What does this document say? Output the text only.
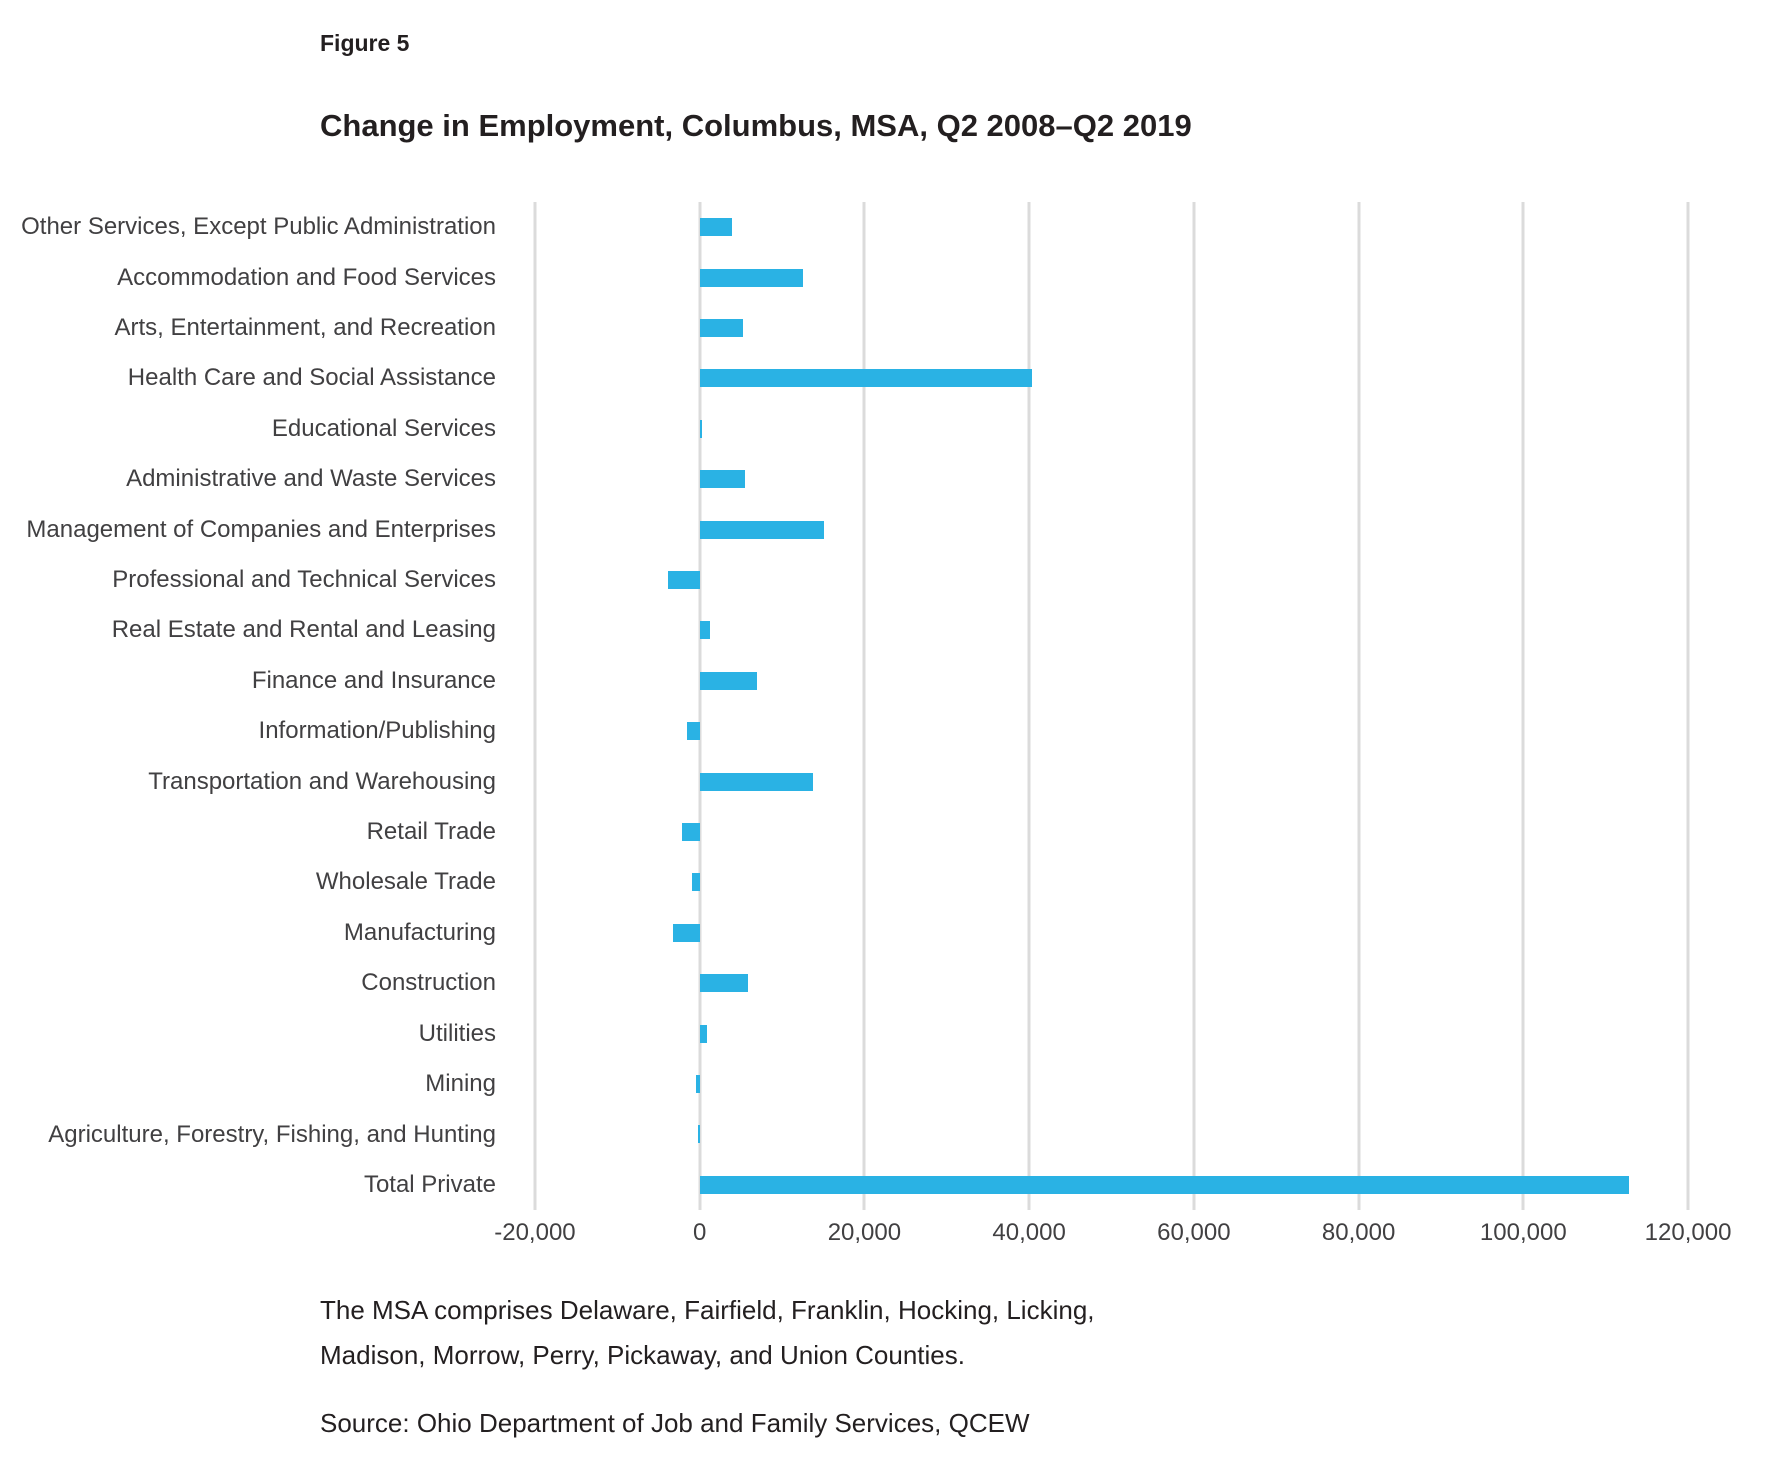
Figure 5
Change in Employment, Columbus, MSA, Q2 2008–Q2 2019
Other Services, Except Public Administration
Accommodation and Food Services
Arts, Entertainment, and Recreation
Health Care and Social Assistance
Educational Services
Administrative and Waste Services
Management of Companies and Enterprises
Professional and Technical Services
Real Estate and Rental and Leasing
Finance and Insurance
Information/Publishing
Transportation and Warehousing
Retail Trade
Wholesale Trade
Manufacturing
Construction
Utilities
Mining
Agriculture, Forestry, Fishing, and Hunting
Total Private
-20,000	0	20,000	40,000	60,000	80,000	100,000	120,000
The MSA comprises Delaware, Fairfield, Franklin, Hocking, Licking,
Madison, Morrow, Perry, Pickaway, and Union Counties.
Source: Ohio Department of Job and Family Services, QCEW
